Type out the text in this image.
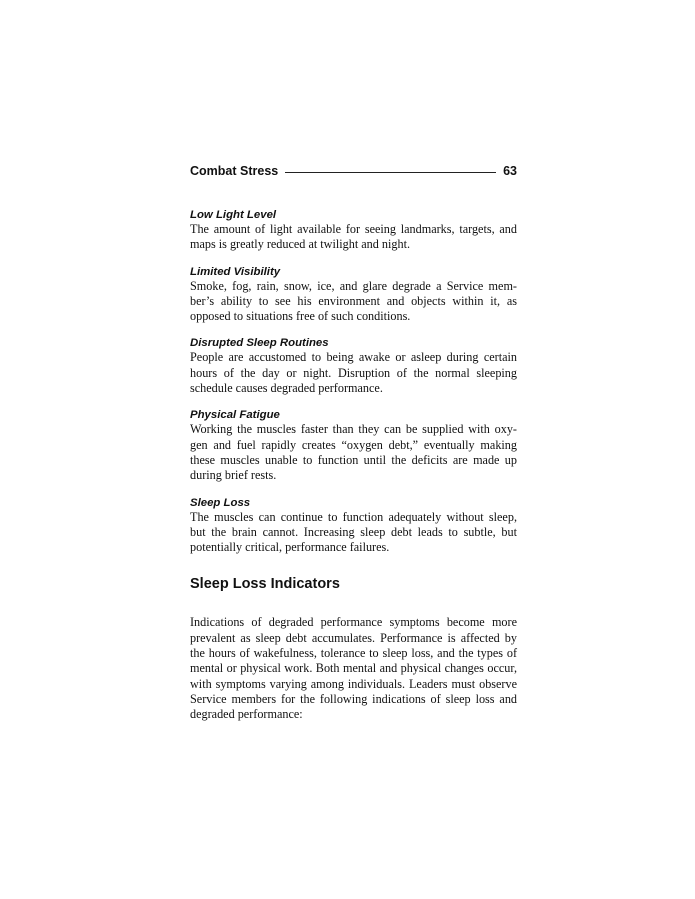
Combat Stress	63

Low Light Level

The amount of light available for seeing landmarks, targets, and maps is greatly reduced at twilight and night.

Limited Visibility

Smoke, fog, rain, snow, ice, and glare degrade a Service mem-ber’s ability to see his environment and objects within it, as opposed to situations free of such conditions.

Disrupted Sleep Routines

People are accustomed to being awake or asleep during certain hours of the day or night. Disruption of the normal sleeping schedule causes degraded performance.

Physical Fatigue

Working the muscles faster than they can be supplied with oxy-gen and fuel rapidly creates “oxygen debt,” eventually making these muscles unable to function until the deficits are made up during brief rests.

Sleep Loss

The muscles can continue to function adequately without sleep, but the brain cannot. Increasing sleep debt leads to subtle, but potentially critical, performance failures.

Sleep Loss Indicators

Indications of degraded performance symptoms become more prevalent as sleep debt accumulates. Performance is affected by the hours of wakefulness, tolerance to sleep loss, and the types of mental or physical work. Both mental and physical changes occur, with symptoms varying among individuals. Leaders must observe Service members for the following indications of sleep loss and degraded performance:
